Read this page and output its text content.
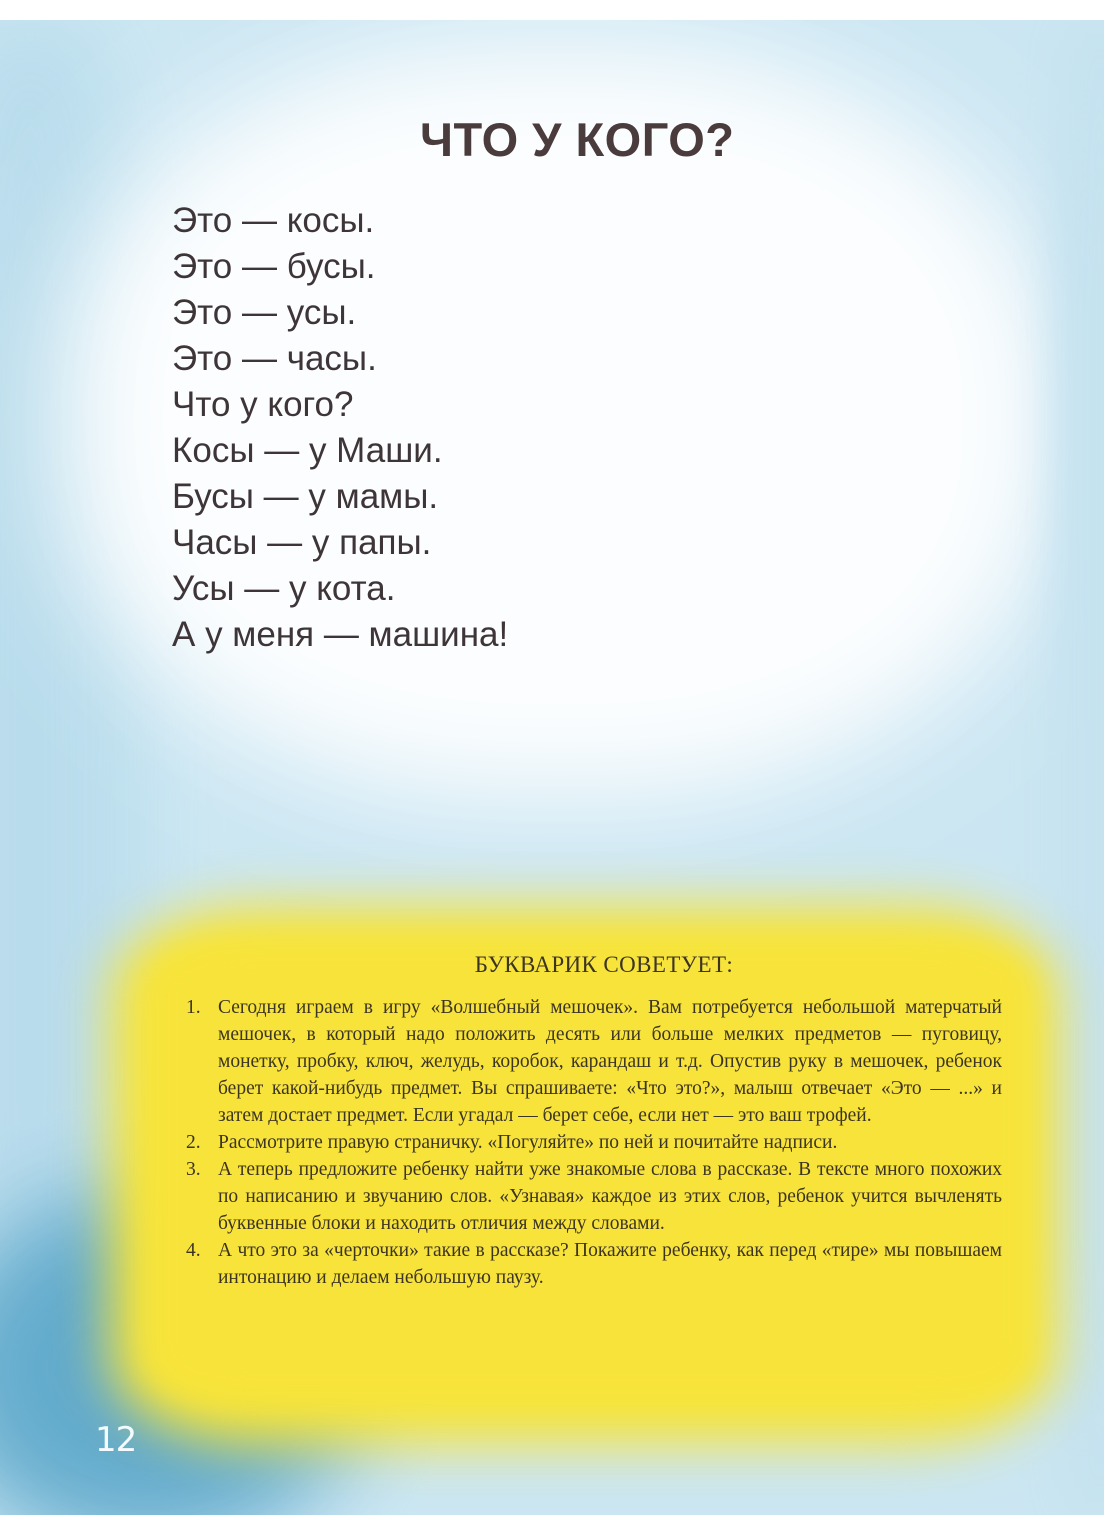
ЧТО У КОГО?
Это — косы.
Это — бусы.
Это — усы.
Это — часы.
Что у кого?
Косы — у Маши.
Бусы — у мамы.
Часы — у папы.
Усы — у кота.
А у меня — машина!
БУКВАРИК СОВЕТУЕТ:
1. Сегодня играем в игру «Волшебный мешочек». Вам потребуется небольшой матерчатый мешочек, в который надо положить десять или больше мелких предметов — пуговицу, монетку, пробку, ключ, желудь, коробок, карандаш и т.д. Опустив руку в мешочек, ребенок берет какой-нибудь предмет. Вы спрашиваете: «Что это?», малыш отвечает «Это — ...» и затем достает предмет. Если угадал — берет себе, если нет — это ваш трофей.
2. Рассмотрите правую страничку. «Погуляйте» по ней и почитайте надписи.
3. А теперь предложите ребенку найти уже знакомые слова в рассказе. В тексте много похожих по написанию и звучанию слов. «Узнавая» каждое из этих слов, ребенок учится вычленять буквенные блоки и находить отличия между словами.
4. А что это за «черточки» такие в рассказе? Покажите ребенку, как перед «тире» мы повышаем интонацию и делаем небольшую паузу.
12
